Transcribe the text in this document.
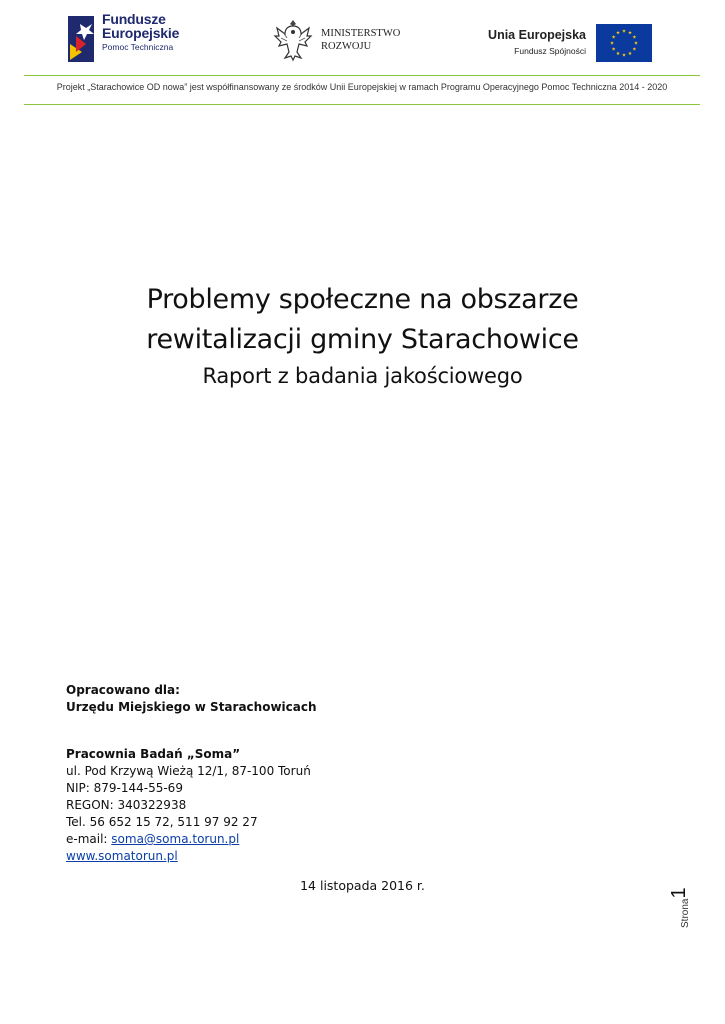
Fundusze
Europejskie
Pomoc Techniczna
MINISTERSTWO
ROZWOJU
Unia Europejska
Fundusz Spójności
Projekt „Starachowice OD nowa” jest współfinansowany ze środków Unii Europejskiej w ramach Programu Operacyjnego Pomoc Techniczna 2014 - 2020
Problemy społeczne na obszarze
rewitalizacji gminy Starachowice
Raport z badania jakościowego
Opracowano dla:
Urzędu Miejskiego w Starachowicach
Pracownia Badań „Soma”
ul. Pod Krzywą Wieżą 12/1, 87-100 Toruń
NIP: 879-144-55-69
REGON: 340322938
Tel. 56 652 15 72, 511 97 92 27
e-mail: soma@soma.torun.pl
www.somatorun.pl
14 listopada 2016 r.
Strona1
